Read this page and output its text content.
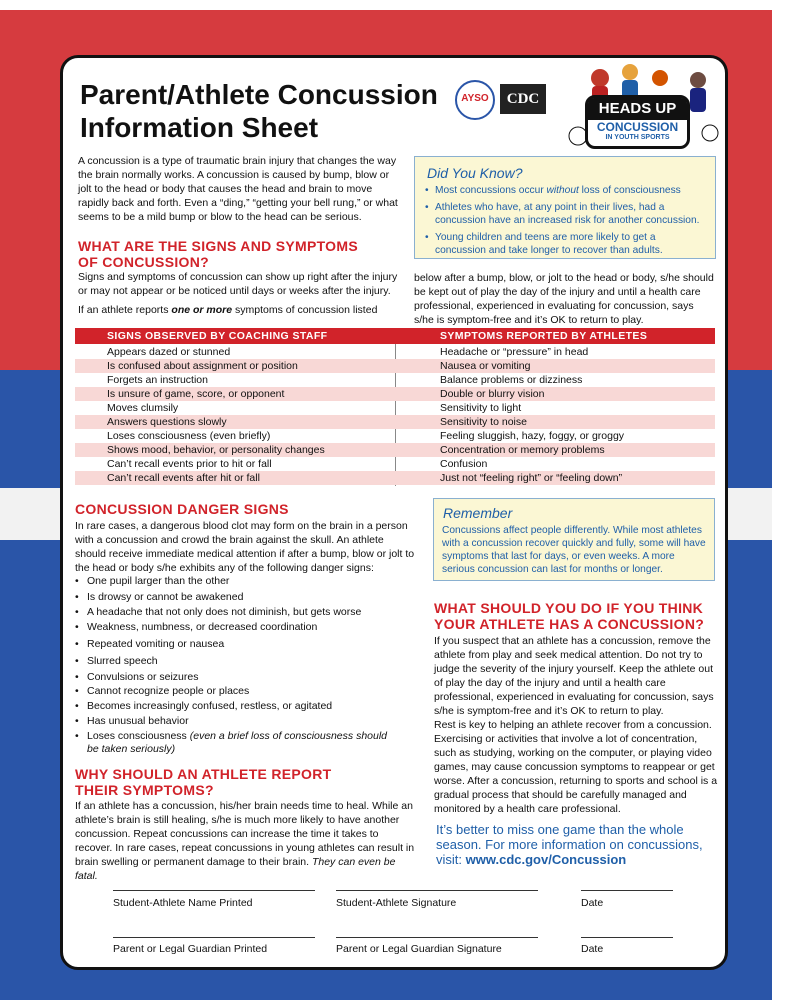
Parent/Athlete Concussion
Information Sheet
AYSO	CDC
HEADS UP
CONCUSSION
IN YOUTH SPORTS
A concussion is a type of traumatic brain injury that changes the way the brain normally works. A concussion is caused by bump, blow or jolt to the head or body that causes the head and brain to move rapidly back and forth. Even a “ding,” “getting your bell rung,” or what seems to be a mild bump or blow to the head can be serious.
Did You Know?
• Most concussions occur without loss of consciousness
• Athletes who have, at any point in their lives, had a concussion have an increased risk for another concussion.
• Young children and teens are more likely to get a concussion and take longer to recover than adults.
WHAT ARE THE SIGNS AND SYMPTOMS
OF CONCUSSION?
Signs and symptoms of concussion can show up right after the injury or may not appear or be noticed until days or weeks after the injury.
If an athlete reports one or more symptoms of concussion listed
below after a bump, blow, or jolt to the head or body, s/he should be kept out of play the day of the injury and until a health care professional, experienced in evaluating for concussion, says s/he is symptom-free and it’s OK to return to play.
SIGNS OBSERVED BY COACHING STAFF	SYMPTOMS REPORTED BY ATHLETES
Appears dazed or stunned	Headache or “pressure” in head
Is confused about assignment or position	Nausea or vomiting
Forgets an instruction	Balance problems or dizziness
Is unsure of game, score, or opponent	Double or blurry vision
Moves clumsily	Sensitivity to light
Answers questions slowly	Sensitivity to noise
Loses consciousness (even briefly)	Feeling sluggish, hazy, foggy, or groggy
Shows mood, behavior, or personality changes	Concentration or memory problems
Can’t recall events prior to hit or fall	Confusion
Can’t recall events after hit or fall	Just not “feeling right” or “feeling down”
CONCUSSION DANGER SIGNS
In rare cases, a dangerous blood clot may form on the brain in a person with a concussion and crowd the brain against the skull. An athlete should receive immediate medical attention if after a bump, blow or jolt to the head or body s/he exhibits any of the following danger signs:
• One pupil larger than the other
• Is drowsy or cannot be awakened
• A headache that not only does not diminish, but gets worse
• Weakness, numbness, or decreased coordination
• Repeated vomiting or nausea
• Slurred speech
• Convulsions or seizures
• Cannot recognize people or places
• Becomes increasingly confused, restless, or agitated
• Has unusual behavior
• Loses consciousness (even a brief loss of consciousness should
be taken seriously)
Remember
Concussions affect people differently. While most athletes with a concussion recover quickly and fully, some will have symptoms that last for days, or even weeks. A more serious concussion can last for months or longer.
WHAT SHOULD YOU DO IF YOU THINK
YOUR ATHLETE HAS A CONCUSSION?
If you suspect that an athlete has a concussion, remove the athlete from play and seek medical attention. Do not try to judge the severity of the injury yourself. Keep the athlete out of play the day of the injury and until a health care professional, experienced in evaluating for concussion, says s/he is symptom-free and it’s OK to return to play.
Rest is key to helping an athlete recover from a concussion. Exercising or activities that involve a lot of concentration, such as studying, working on the computer, or playing video games, may cause concussion symptoms to reappear or get worse. After a concussion, returning to sports and school is a gradual process that should be carefully managed and monitored by a health care professional.
WHY SHOULD AN ATHLETE REPORT
THEIR SYMPTOMS?
If an athlete has a concussion, his/her brain needs time to heal. While an athlete’s brain is still healing, s/he is much more likely to have another concussion. Repeat concussions can increase the time it takes to recover. In rare cases, repeat concussions in young athletes can result in brain swelling or permanent damage to their brain. They can even be fatal.
It’s better to miss one game than the whole
season. For more information on concussions,
visit: www.cdc.gov/Concussion
Student-Athlete Name Printed	Student-Athlete Signature	Date
Parent or Legal Guardian Printed	Parent or Legal Guardian Signature	Date
